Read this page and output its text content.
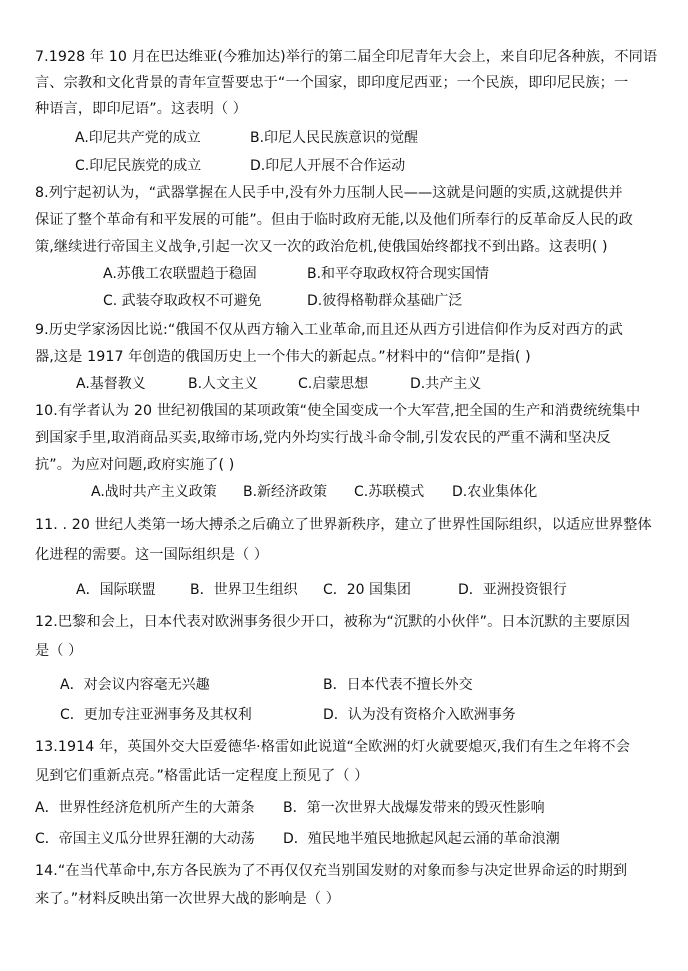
7.1928 年 10 月在巴达维亚(今雅加达)举行的第二届全印尼青年大会上，来自印尼各种族，不同语
言、宗教和文化背景的青年宣誓要忠于“一个国家，即印度尼西亚；一个民族，即印尼民族；一
种语言，即印尼语”。这表明（ ）
A.印尼共产党的成立	B.印尼人民民族意识的觉醒
C.印尼民族党的成立	D.印尼人开展不合作运动
8.列宁起初认为，“武器掌握在人民手中,没有外力压制人民——这就是问题的实质,这就提供并
保证了整个革命有和平发展的可能”。但由于临时政府无能,以及他们所奉行的反革命反人民的政
策,继续进行帝国主义战争,引起一次又一次的政治危机,使俄国始终都找不到出路。这表明( )
A.苏俄工农联盟趋于稳固	B.和平夺取政权符合现实国情
C. 武装夺取政权不可避免	D.彼得格勒群众基础广泛
9.历史学家汤因比说:“俄国不仅从西方输入工业革命,而且还从西方引进信仰作为反对西方的武
器,这是 1917 年创造的俄国历史上一个伟大的新起点。”材料中的“信仰”是指( )
A.基督教义	B.人文主义	C.启蒙思想	D.共产主义
10.有学者认为 20 世纪初俄国的某项政策“使全国变成一个大军营,把全国的生产和消费统统集中
到国家手里,取消商品买卖,取缔市场,党内外均实行战斗命令制,引发农民的严重不满和坚决反
抗”。为应对问题,政府实施了( )
A.战时共产主义政策 B.新经济政策 C.苏联模式 D.农业集体化
11. . 20 世纪人类第一场大搏杀之后确立了世界新秩序，建立了世界性国际组织，以适应世界整体
化进程的需要。这一国际组织是（ ）
A．国际联盟 B．世界卫生组织 C．20 国集团	D．亚洲投资银行
12.巴黎和会上，日本代表对欧洲事务很少开口，被称为“沉默的小伙伴”。日本沉默的主要原因
是（ ）
A．对会议内容毫无兴趣	B．日本代表不擅长外交
C．更加专注亚洲事务及其权利	D．认为没有资格介入欧洲事务
13.1914 年，英国外交大臣爱德华·格雷如此说道“全欧洲的灯火就要熄灭,我们有生之年将不会
见到它们重新点亮。”格雷此话一定程度上预见了（ ）
A．世界性经济危机所产生的大萧条 B．第一次世界大战爆发带来的毁灭性影响
C．帝国主义瓜分世界狂潮的大动荡 D．殖民地半殖民地掀起风起云涌的革命浪潮
14.“在当代革命中,东方各民族为了不再仅仅充当别国发财的对象而参与决定世界命运的时期到
来了。”材料反映出第一次世界大战的影响是（ ）
